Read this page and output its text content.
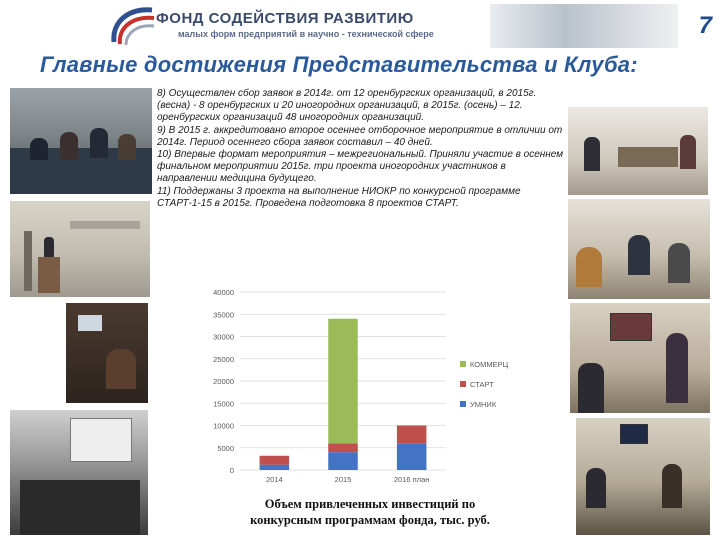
ФОНД СОДЕЙСТВИЯ РАЗВИТИЮ
малых форм предприятий в научно - технической сфере	7
Главные достижения Представительства и Клуба:

8) Осуществлен сбор заявок в 2014г. от 12 оренбургских организаций, в 2015г. (весна) - 8 оренбургских и 20 иногородних организаций, в 2015г. (осень) – 12. оренбургских организаций 48 иногородних организаций.

9) В 2015 г. аккредитовано второе осеннее отборочное мероприятие в отличии от 2014г. Период осеннего сбора заявок составил – 40 дней.

10) Впервые формат мероприятия – межрегиональный. Приняли участие в осеннем финальном мероприятии 2015г. три проекта иногородних участников в направлении медицина будущего.

11) Поддержаны 3 проекта на выполнение НИОКР по конкурсной программе СТАРТ-1-15 в 2015г. Проведена подготовка 8 проектов СТАРТ.

40000
35000
30000
25000
20000
15000
10000
5000
0
2014	2015	2016 план
КОММЕРЦ
СТАРТ
УМНИК
Объем привлеченных инвестиций по
конкурсным программам фонда, тыс. руб.
